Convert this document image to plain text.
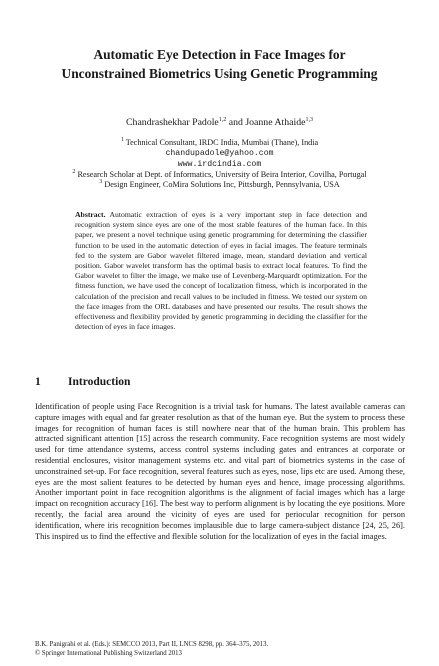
Automatic Eye Detection in Face Images for
Unconstrained Biometrics Using Genetic Programming
Chandrashekhar Padole$^{1,2}$ and Joanne Athaide$^{1,3}$
$^1$ Technical Consultant, IRDC India, Mumbai (Thane), India
chandupadole@yahoo.com
www.irdcindia.com
$^2$ Research Scholar at Dept. of Informatics, University of Beira Interior, Covilha, Portugal
$^3$ Design Engineer, CoMira Solutions Inc, Pittsburgh, Pennsylvania, USA
Abstract. Automatic extraction of eyes is a very important step in face detection and recognition system since eyes are one of the most stable features of the human face. In this paper, we present a novel technique using genetic programming for determining the classifier function to be used in the automatic detection of eyes in facial images. The feature terminals fed to the system are Gabor wavelet filtered image, mean, standard deviation and vertical position. Gabor wavelet transform has the optimal basis to extract local features. To find the Gabor wavelet to filter the image, we make use of Levenberg-Marquardt optimization. For the fitness function, we have used the concept of localization fitness, which is incorporated in the calculation of the precision and recall values to be included in fitness. We tested our system on the face images from the ORL databases and have presented our results. The result shows the effectiveness and flexibility provided by genetic programming in deciding the classifier for the detection of eyes in face images.
1 Introduction
Identification of people using Face Recognition is a trivial task for humans. The latest available cameras can capture images with equal and far greater resolution as that of the human eye. But the system to process these images for recognition of human faces is still nowhere near that of the human brain. This problem has attracted significant attention [15] across the research community. Face recognition systems are most widely used for time attendance systems, access control systems including gates and entrances at corporate or residential enclosures, visitor management systems etc. and vital part of biometrics systems in the case of unconstrained set-up. For face recognition, several features such as eyes, nose, lips etc are used. Among these, eyes are the most salient features to be detected by human eyes and hence, image processing algorithms. Another important point in face recognition algorithms is the alignment of facial images which has a large impact on recognition accuracy [16]. The best way to perform alignment is by locating the eye positions. More recently, the facial area around the vicinity of eyes are used for periocular recognition for person identification, where iris recognition becomes implausible due to large camera-subject distance [24, 25, 26]. This inspired us to find the effective and flexible solution for the localization of eyes in the facial images.
B.K. Panigrahi et al. (Eds.): SEMCCO 2013, Part II, LNCS 8298, pp. 364–375, 2013.
© Springer International Publishing Switzerland 2013
